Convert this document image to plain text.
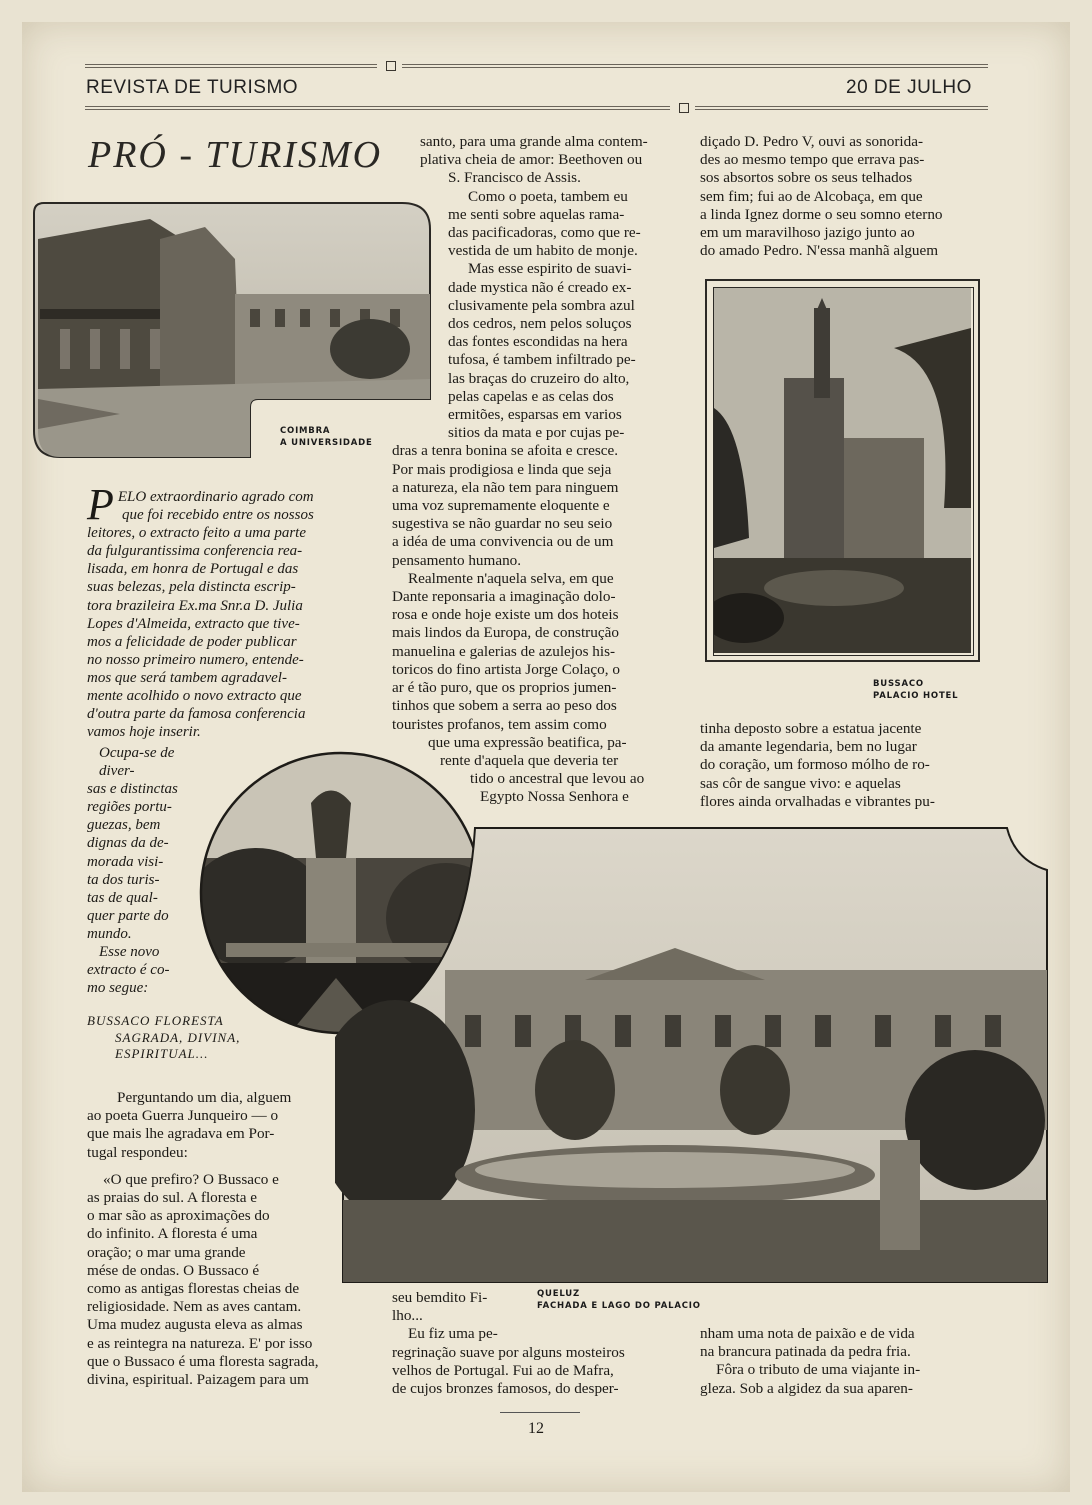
REVISTA DE TURISMO	20 DE JULHO
PRÓ - TURISMO
COIMBRA
A UNIVERSIDADE
P ELO extraordinario agrado com
que foi recebido entre os nossos
leitores, o extracto feito a uma parte
da fulgurantissima conferencia rea-
lisada, em honra de Portugal e das
suas belezas, pela distincta escrip-
tora brazileira Ex.ma Snr.a D. Julia
Lopes d'Almeida, extracto que tive-
mos a felicidade de poder publicar
no nosso primeiro numero, entende-
mos que será tambem agradavel-
mente acolhido o novo extracto que
d'outra parte da famosa conferencia
vamos hoje inserir.
Ocupa-se de diver-
sas e distinctas
regiões portu-
guezas, bem
dignas da de-
morada visi-
ta dos turis-
tas de qual-
quer parte do
mundo.
Esse novo
extracto é co-
mo segue:
BUSSACO FLORESTA
SAGRADA, DIVINA,
ESPIRITUAL...
Perguntando um dia, alguem
ao poeta Guerra Junqueiro — o
que mais lhe agradava em Por-
tugal respondeu:
«O que prefiro? O Bussaco e
as praias do sul. A floresta e
o mar são as aproximações do
do infinito. A floresta é uma
oração; o mar uma grande
mése de ondas. O Bussaco é
como as antigas florestas cheias de
religiosidade. Nem as aves cantam.
Uma mudez augusta eleva as almas
e as reintegra na natureza. E' por isso
que o Bussaco é uma floresta sagrada,
divina, espiritual. Paizagem para um
santo, para uma grande alma contem-
plativa cheia de amor: Beethoven ou
S. Francisco de Assis.
Como o poeta, tambem eu
me senti sobre aquelas rama-
das pacificadoras, como que re-
vestida de um habito de monje.
Mas esse espirito de suavi-
dade mystica não é creado ex-
clusivamente pela sombra azul
dos cedros, nem pelos soluços
das fontes escondidas na hera
tufosa, é tambem infiltrado pe-
las braças do cruzeiro do alto,
pelas capelas e as celas dos
ermitões, esparsas em varios
sitios da mata e por cujas pe-
dras a tenra bonina se afoita e cresce.
Por mais prodigiosa e linda que seja
a natureza, ela não tem para ninguem
uma voz supremamente eloquente e
sugestiva se não guardar no seu seio
a idéa de uma convivencia ou de um
pensamento humano.
Realmente n'aquela selva, em que
Dante reponsaria a imaginação dolo-
rosa e onde hoje existe um dos hoteis
mais lindos da Europa, de construção
manuelina e galerias de azulejos his-
toricos do fino artista Jorge Colaço, o
ar é tão puro, que os proprios jumen-
tinhos que sobem a serra ao peso dos
touristes profanos, tem assim como
que uma expressão beatifica, pa-
rente d'aquela que deveria ter
tido o ancestral que levou ao
Egypto Nossa Senhora e
diçado D. Pedro V, ouvi as sonorida-
des ao mesmo tempo que errava pas-
sos absortos sobre os seus telhados
sem fim; fui ao de Alcobaça, em que
a linda Ignez dorme o seu somno eterno
em um maravilhoso jazigo junto ao
do amado Pedro. N'essa manhã alguem
BUSSACO
PALACIO HOTEL
tinha deposto sobre a estatua jacente
da amante legendaria, bem no lugar
do coração, um formoso mólho de ro-
sas côr de sangue vivo: e aquelas
flores ainda orvalhadas e vibrantes pu-
QUELUZ
FACHADA E LAGO DO PALACIO
seu bemdito Fi-
lho...
Eu fiz uma pe-
regrinação suave por alguns mosteiros
velhos de Portugal. Fui ao de Mafra,
de cujos bronzes famosos, do desper-
nham uma nota de paixão e de vida
na brancura patinada da pedra fria.
Fôra o tributo de uma viajante in-
gleza. Sob a algidez da sua aparen-
12
